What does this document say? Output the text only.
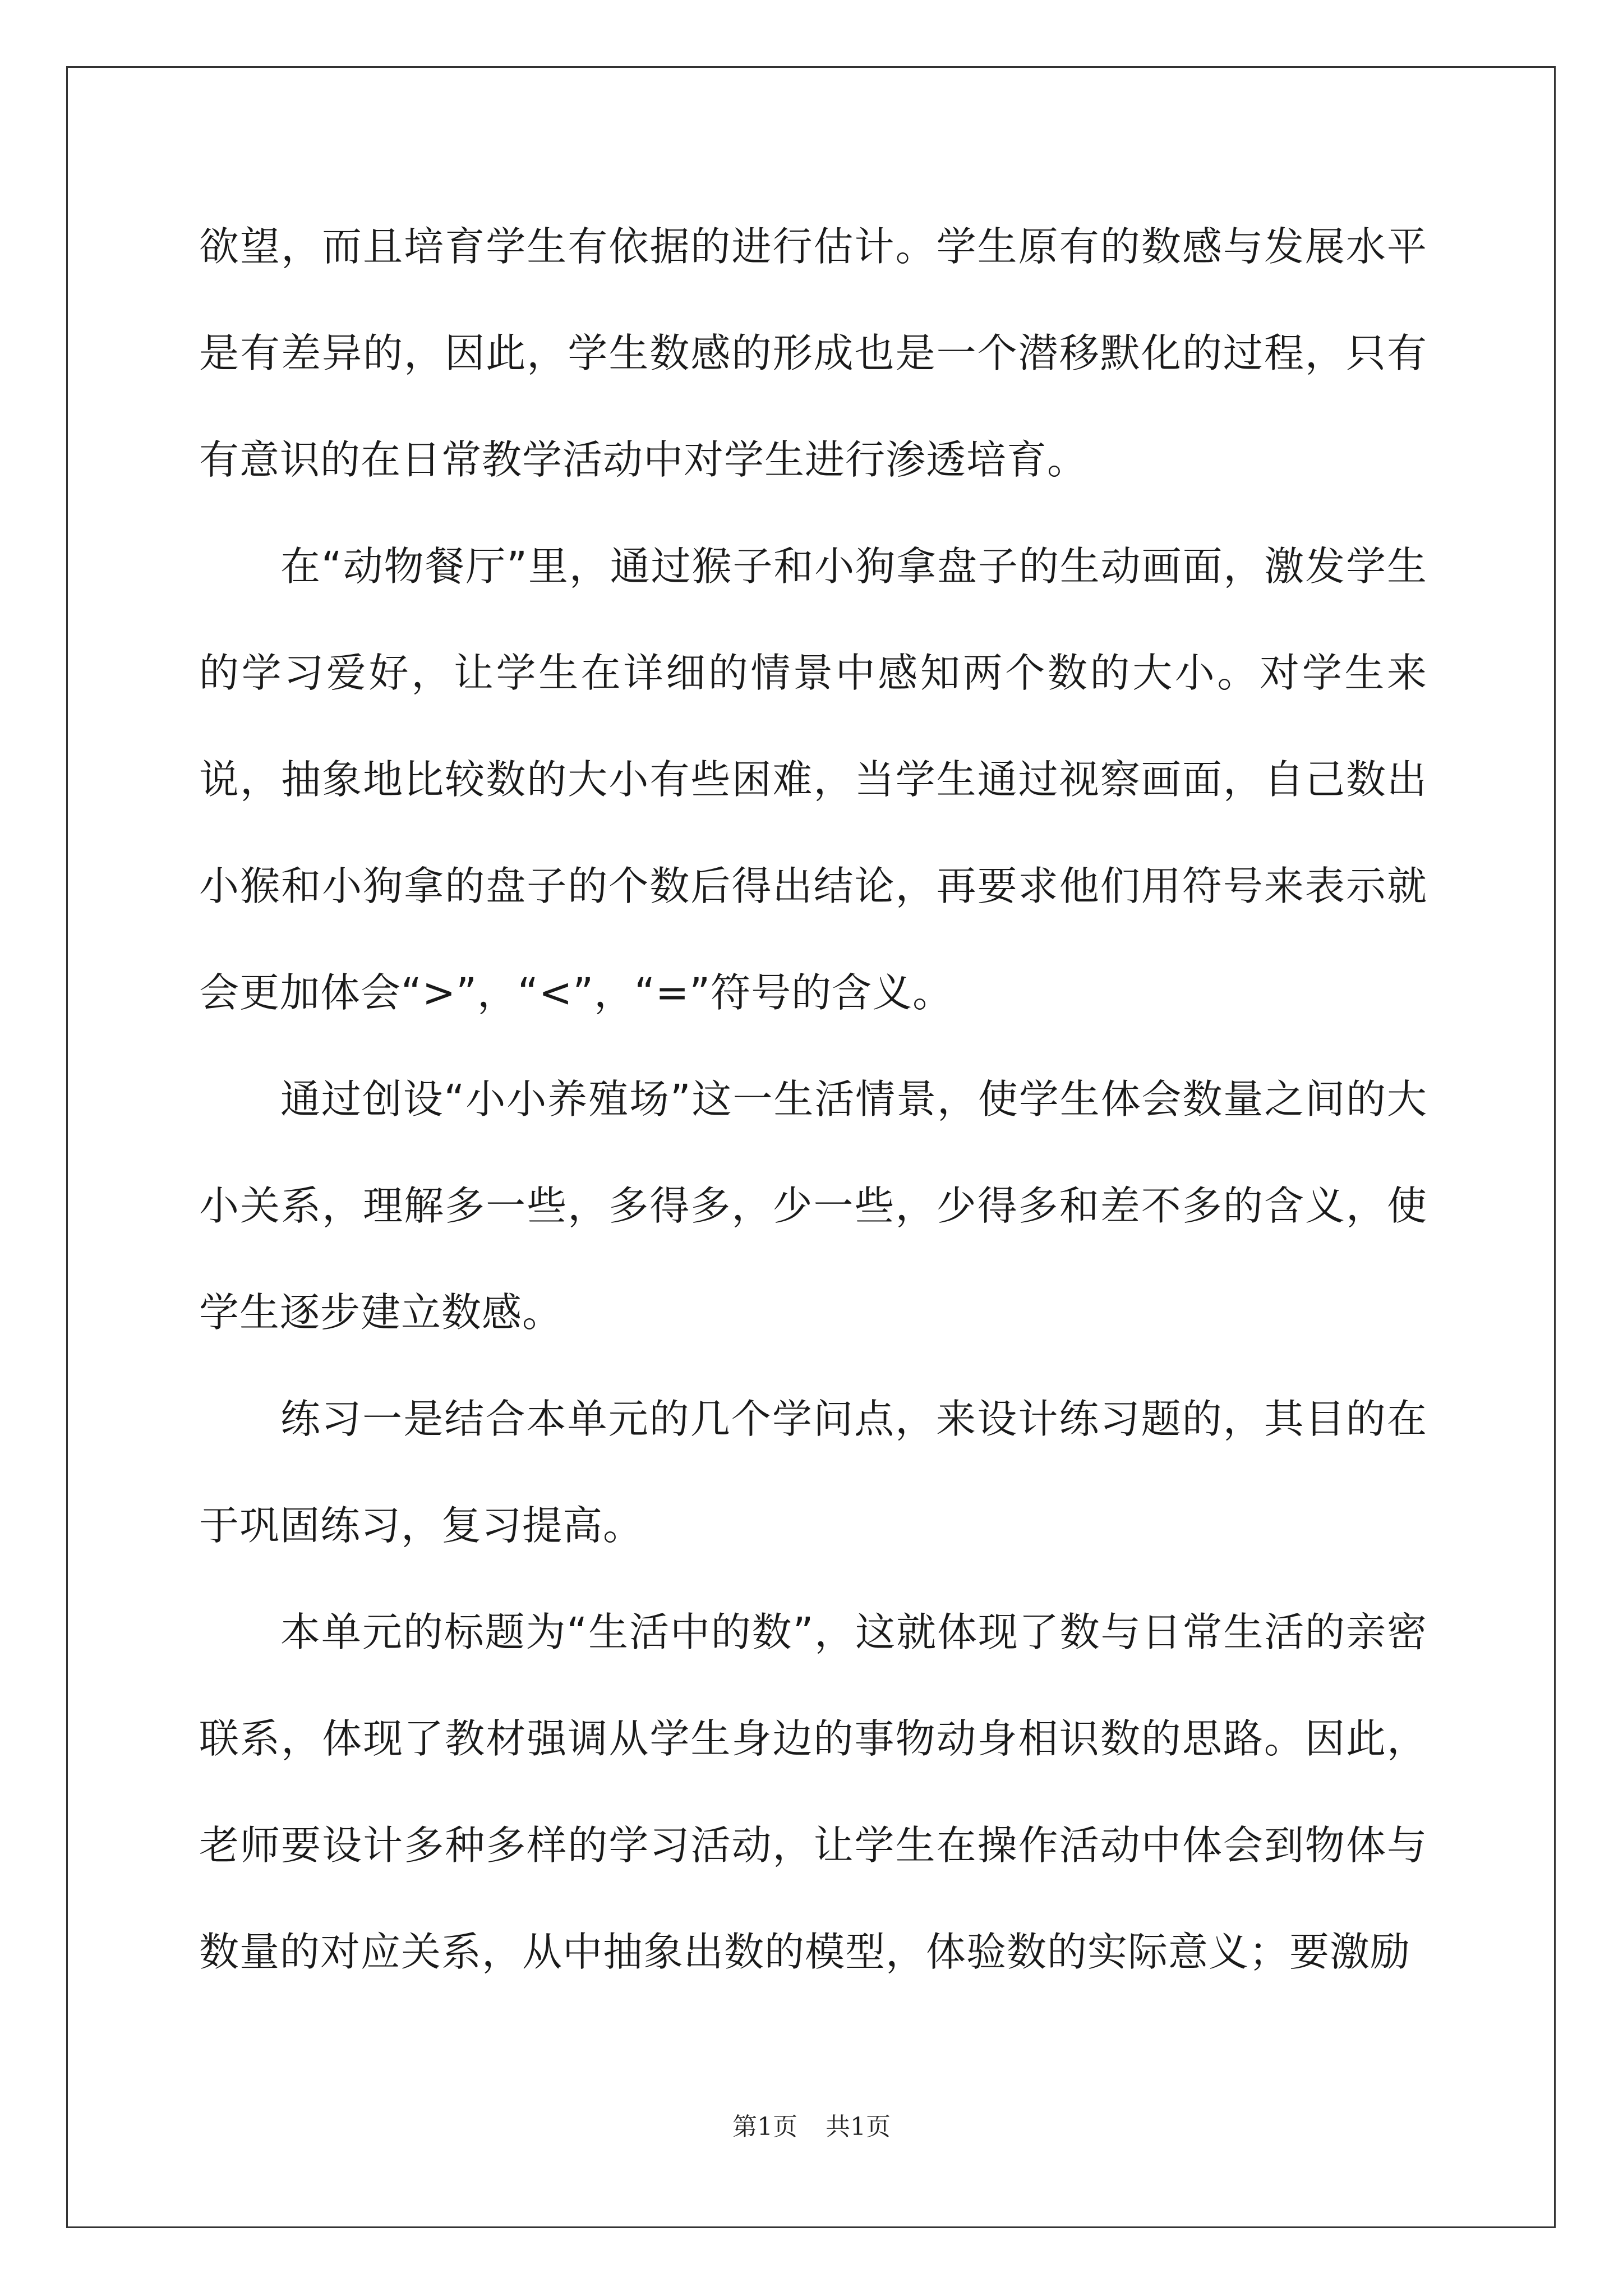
欲望，而且培育学生有依据的进行估计。学生原有的数感与发展水平是有差异的，因此，学生数感的形成也是一个潜移默化的过程，只有有意识的在日常教学活动中对学生进行渗透培育。

在“动物餐厅”里，通过猴子和小狗拿盘子的生动画面，激发学生的学习爱好，让学生在详细的情景中感知两个数的大小。对学生来说，抽象地比较数的大小有些困难，当学生通过视察画面，自己数出小猴和小狗拿的盘子的个数后得出结论，再要求他们用符号来表示就会更加体会“>”，“<”，“=”符号的含义。

通过创设“小小养殖场”这一生活情景，使学生体会数量之间的大小关系，理解多一些，多得多，少一些，少得多和差不多的含义，使学生逐步建立数感。

练习一是结合本单元的几个学问点，来设计练习题的，其目的在于巩固练习，复习提高。

本单元的标题为“生活中的数”，这就体现了数与日常生活的亲密联系，体现了教材强调从学生身边的事物动身相识数的思路。因此，老师要设计多种多样的学习活动，让学生在操作活动中体会到物体与数量的对应关系，从中抽象出数的模型，体验数的实际意义；要激励

第1页 共1页
